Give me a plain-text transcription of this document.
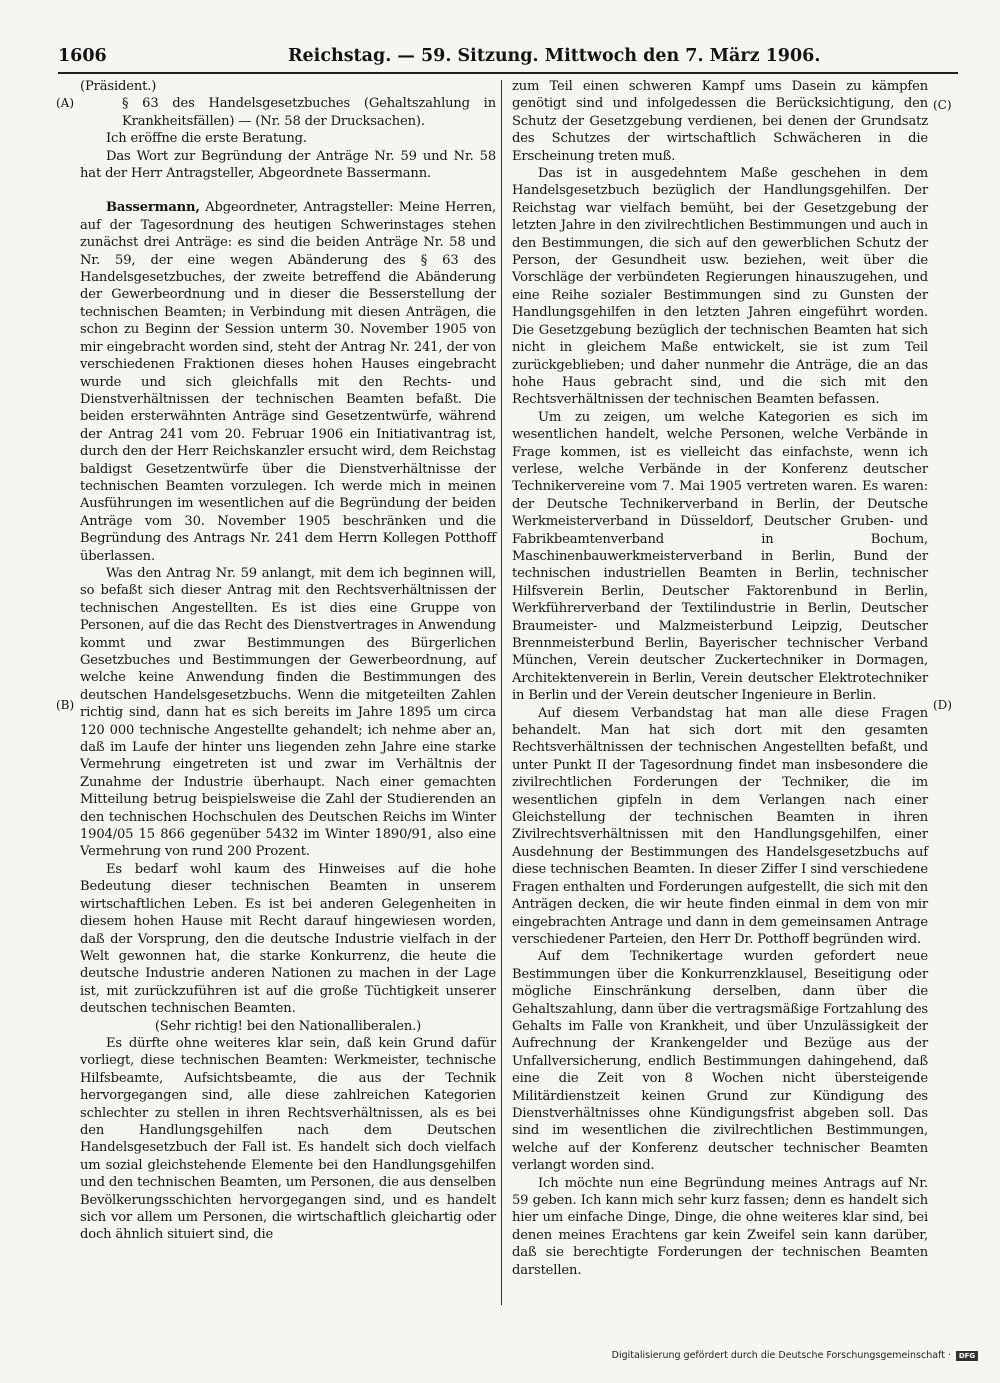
1606	Reichstag. — 59. Sitzung. Mittwoch den 7. März 1906.
(A)
(B)
(C)
(D)

(Präsident.)

§ 63 des Handelsgesetzbuches (Gehaltszahlung in Krankheitsfällen) — (Nr. 58 der Drucksachen).

Ich eröffne die erste Beratung.

Das Wort zur Begründung der Anträge Nr. 59 und Nr. 58 hat der Herr Antragsteller, Abgeordnete Bassermann.

Bassermann, Abgeordneter, Antragsteller: Meine Herren, auf der Tagesordnung des heutigen Schwerinstages stehen zunächst drei Anträge: es sind die beiden Anträge Nr. 58 und Nr. 59, der eine wegen Abänderung des § 63 des Handelsgesetzbuches, der zweite betreffend die Abänderung der Gewerbeordnung und in dieser die Besserstellung der technischen Beamten; in Verbindung mit diesen Anträgen, die schon zu Beginn der Session unterm 30. November 1905 von mir eingebracht worden sind, steht der Antrag Nr. 241, der von verschiedenen Fraktionen dieses hohen Hauses eingebracht wurde und sich gleichfalls mit den Rechts- und Dienstverhältnissen der technischen Beamten befaßt. Die beiden ersterwähnten Anträge sind Gesetzentwürfe, während der Antrag 241 vom 20. Februar 1906 ein Initiativantrag ist, durch den der Herr Reichskanzler ersucht wird, dem Reichstag baldigst Gesetzentwürfe über die Dienstverhältnisse der technischen Beamten vorzulegen. Ich werde mich in meinen Ausführungen im wesentlichen auf die Begründung der beiden Anträge vom 30. November 1905 beschränken und die Begründung des Antrags Nr. 241 dem Herrn Kollegen Potthoff überlassen.

Was den Antrag Nr. 59 anlangt, mit dem ich beginnen will, so befaßt sich dieser Antrag mit den Rechtsverhältnissen der technischen Angestellten. Es ist dies eine Gruppe von Personen, auf die das Recht des Dienstvertrages in Anwendung kommt und zwar Bestimmungen des Bürgerlichen Gesetzbuches und Bestimmungen der Gewerbeordnung, auf welche keine Anwendung finden die Bestimmungen des deutschen Handelsgesetzbuchs. Wenn die mitgeteilten Zahlen richtig sind, dann hat es sich bereits im Jahre 1895 um circa 120 000 technische Angestellte gehandelt; ich nehme aber an, daß im Laufe der hinter uns liegenden zehn Jahre eine starke Vermehrung eingetreten ist und zwar im Verhältnis der Zunahme der Industrie überhaupt. Nach einer gemachten Mitteilung betrug beispielsweise die Zahl der Studierenden an den technischen Hochschulen des Deutschen Reichs im Winter 1904/05 15 866 gegenüber 5432 im Winter 1890/91, also eine Vermehrung von rund 200 Prozent.

Es bedarf wohl kaum des Hinweises auf die hohe Bedeutung dieser technischen Beamten in unserem wirtschaftlichen Leben. Es ist bei anderen Gelegenheiten in diesem hohen Hause mit Recht darauf hingewiesen worden, daß der Vorsprung, den die deutsche Industrie vielfach in der Welt gewonnen hat, die starke Konkurrenz, die heute die deutsche Industrie anderen Nationen zu machen in der Lage ist, mit zurückzuführen ist auf die große Tüchtigkeit unserer deutschen technischen Beamten.

(Sehr richtig! bei den Nationalliberalen.)

Es dürfte ohne weiteres klar sein, daß kein Grund dafür vorliegt, diese technischen Beamten: Werkmeister, technische Hilfsbeamte, Aufsichtsbeamte, die aus der Technik hervorgegangen sind, alle diese zahlreichen Kategorien schlechter zu stellen in ihren Rechtsverhältnissen, als es bei den Handlungsgehilfen nach dem Deutschen Handelsgesetzbuch der Fall ist. Es handelt sich doch vielfach um sozial gleichstehende Elemente bei den Handlungsgehilfen und den technischen Beamten, um Personen, die aus denselben Bevölkerungsschichten hervorgegangen sind, und es handelt sich vor allem um Personen, die wirtschaftlich gleichartig oder doch ähnlich situiert sind, die

zum Teil einen schweren Kampf ums Dasein zu kämpfen genötigt sind und infolgedessen die Berücksichtigung, den Schutz der Gesetzgebung verdienen, bei denen der Grundsatz des Schutzes der wirtschaftlich Schwächeren in die Erscheinung treten muß.

Das ist in ausgedehntem Maße geschehen in dem Handelsgesetzbuch bezüglich der Handlungsgehilfen. Der Reichstag war vielfach bemüht, bei der Gesetzgebung der letzten Jahre in den zivilrechtlichen Bestimmungen und auch in den Bestimmungen, die sich auf den gewerblichen Schutz der Person, der Gesundheit usw. beziehen, weit über die Vorschläge der verbündeten Regierungen hinauszugehen, und eine Reihe sozialer Bestimmungen sind zu Gunsten der Handlungsgehilfen in den letzten Jahren eingeführt worden. Die Gesetzgebung bezüglich der technischen Beamten hat sich nicht in gleichem Maße entwickelt, sie ist zum Teil zurückgeblieben; und daher nunmehr die Anträge, die an das hohe Haus gebracht sind, und die sich mit den Rechtsverhältnissen der technischen Beamten befassen.

Um zu zeigen, um welche Kategorien es sich im wesentlichen handelt, welche Personen, welche Verbände in Frage kommen, ist es vielleicht das einfachste, wenn ich verlese, welche Verbände in der Konferenz deutscher Technikervereine vom 7. Mai 1905 vertreten waren. Es waren: der Deutsche Technikerverband in Berlin, der Deutsche Werkmeisterverband in Düsseldorf, Deutscher Gruben- und Fabrikbeamtenverband in Bochum, Maschinenbauwerkmeisterverband in Berlin, Bund der technischen industriellen Beamten in Berlin, technischer Hilfsverein Berlin, Deutscher Faktorenbund in Berlin, Werkführerverband der Textilindustrie in Berlin, Deutscher Braumeister- und Malzmeisterbund Leipzig, Deutscher Brennmeisterbund Berlin, Bayerischer technischer Verband München, Verein deutscher Zuckertechniker in Dormagen, Architektenverein in Berlin, Verein deutscher Elektrotechniker in Berlin und der Verein deutscher Ingenieure in Berlin.

Auf diesem Verbandstag hat man alle diese Fragen behandelt. Man hat sich dort mit den gesamten Rechtsverhältnissen der technischen Angestellten befaßt, und unter Punkt II der Tagesordnung findet man insbesondere die zivilrechtlichen Forderungen der Techniker, die im wesentlichen gipfeln in dem Verlangen nach einer Gleichstellung der technischen Beamten in ihren Zivilrechtsverhältnissen mit den Handlungsgehilfen, einer Ausdehnung der Bestimmungen des Handelsgesetzbuchs auf diese technischen Beamten. In dieser Ziffer I sind verschiedene Fragen enthalten und Forderungen aufgestellt, die sich mit den Anträgen decken, die wir heute finden einmal in dem von mir eingebrachten Antrage und dann in dem gemeinsamen Antrage verschiedener Parteien, den Herr Dr. Potthoff begründen wird.

Auf dem Technikertage wurden gefordert neue Bestimmungen über die Konkurrenzklausel, Beseitigung oder mögliche Einschränkung derselben, dann über die Gehaltszahlung, dann über die vertragsmäßige Fortzahlung des Gehalts im Falle von Krankheit, und über Unzulässigkeit der Aufrechnung der Krankengelder und Bezüge aus der Unfallversicherung, endlich Bestimmungen dahingehend, daß eine die Zeit von 8 Wochen nicht übersteigende Militärdienstzeit keinen Grund zur Kündigung des Dienstverhältnisses ohne Kündigungsfrist abgeben soll. Das sind im wesentlichen die zivilrechtlichen Bestimmungen, welche auf der Konferenz deutscher technischer Beamten verlangt worden sind.

Ich möchte nun eine Begründung meines Antrags auf Nr. 59 geben. Ich kann mich sehr kurz fassen; denn es handelt sich hier um einfache Dinge, Dinge, die ohne weiteres klar sind, bei denen meines Erachtens gar kein Zweifel sein kann darüber, daß sie berechtigte Forderungen der technischen Beamten darstellen.

Digitalisierung gefördert durch die Deutsche Forschungsgemeinschaft ·	DFG
